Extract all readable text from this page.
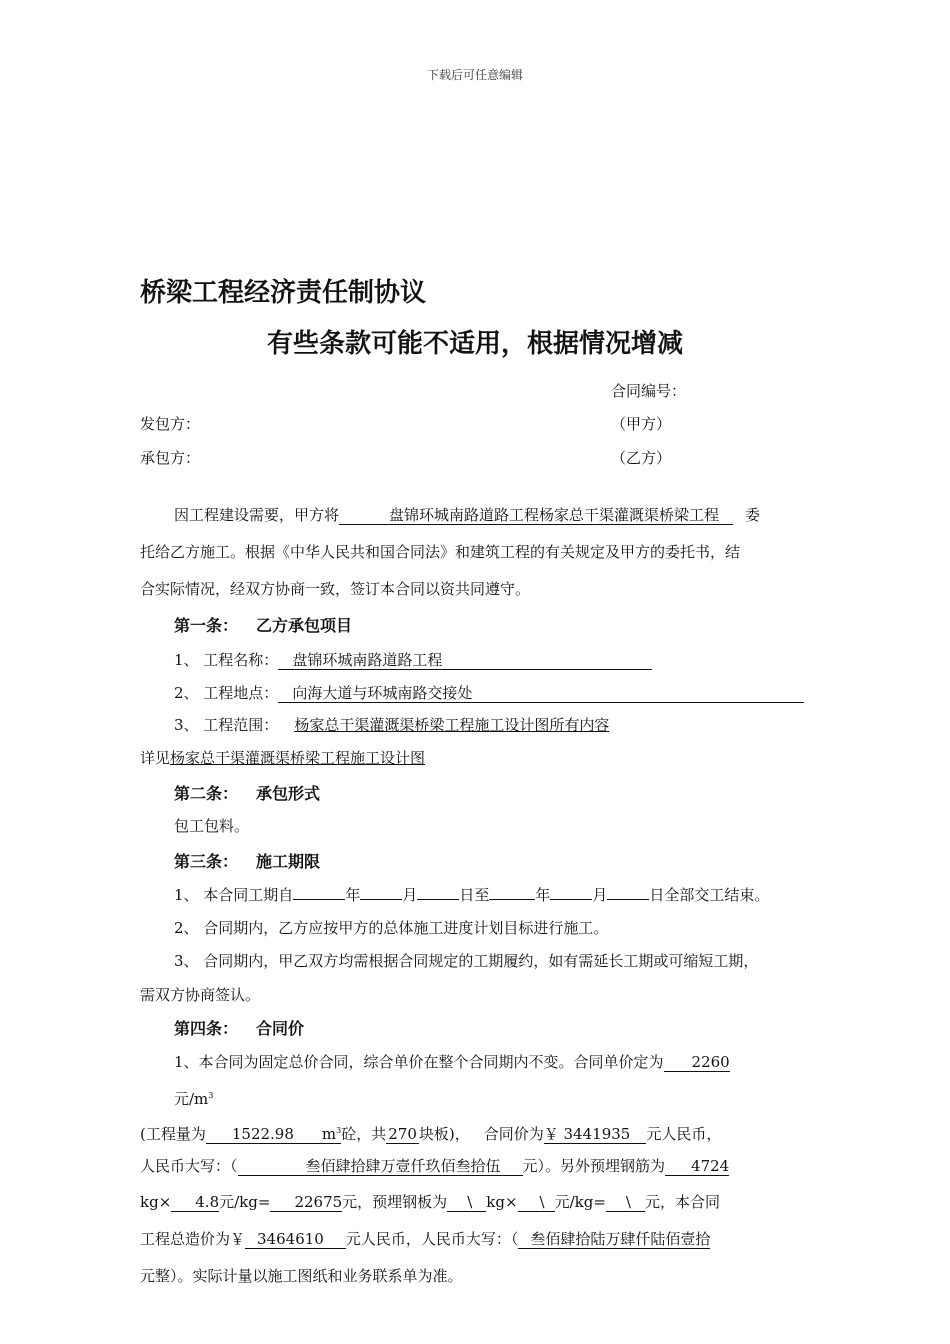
下载后可任意编辑
桥梁工程经济责任制协议
有些条款可能不适用，根据情况增减
合同编号：
发包方：	（甲方）
承包方：	（乙方）
因工程建设需要，甲方将	盘锦环城南路道路工程杨家总干渠灌溉渠桥梁工程 委
托给乙方施工。根据《中华人民共和国合同法》和建筑工程的有关规定及甲方的委托书，结
合实际情况，经双方协商一致，签订本合同以资共同遵守。
第一条： 乙方承包项目
1、 工程名称： 盘锦环城南路道路工程
2、 工程地点： 向海大道与环城南路交接处
3、 工程范围： 杨家总干渠灌溉渠桥梁工程施工设计图所有内容
详见杨家总干渠灌溉渠桥梁工程施工设计图
第二条： 承包形式
包工包料。
第三条： 施工期限
1、 本合同工期自	年	月	日至	年	月	日全部交工结束。
2、 合同期内，乙方应按甲方的总体施工进度计划目标进行施工。
3、 合同期内，甲乙双方均需根据合同规定的工期履约，如有需延长工期或可缩短工期，
需双方协商签认。
第四条： 合同价
1、本合同为固定总价合同，综合单价在整个合同期内不变。合同单价定为 2260
元$/m^3$
(工程量为 1522.98 $m^3$砼，共 270 块板)， 合同价为￥ 3441935 元人民币，
人民币大写：（	叁佰肆拾肆万壹仟玖佰叁拾伍 元）。另外预埋钢筋为 4724
kg× 4.8元/kg= 22675元，预埋钢板为 \ kg× \ 元/kg= \ 元，本合同
工程总造价为￥ 3464610 元人民币，人民币大写：（ 叁佰肆拾陆万肆仟陆佰壹拾
元整）。实际计量以施工图纸和业务联系单为准。
